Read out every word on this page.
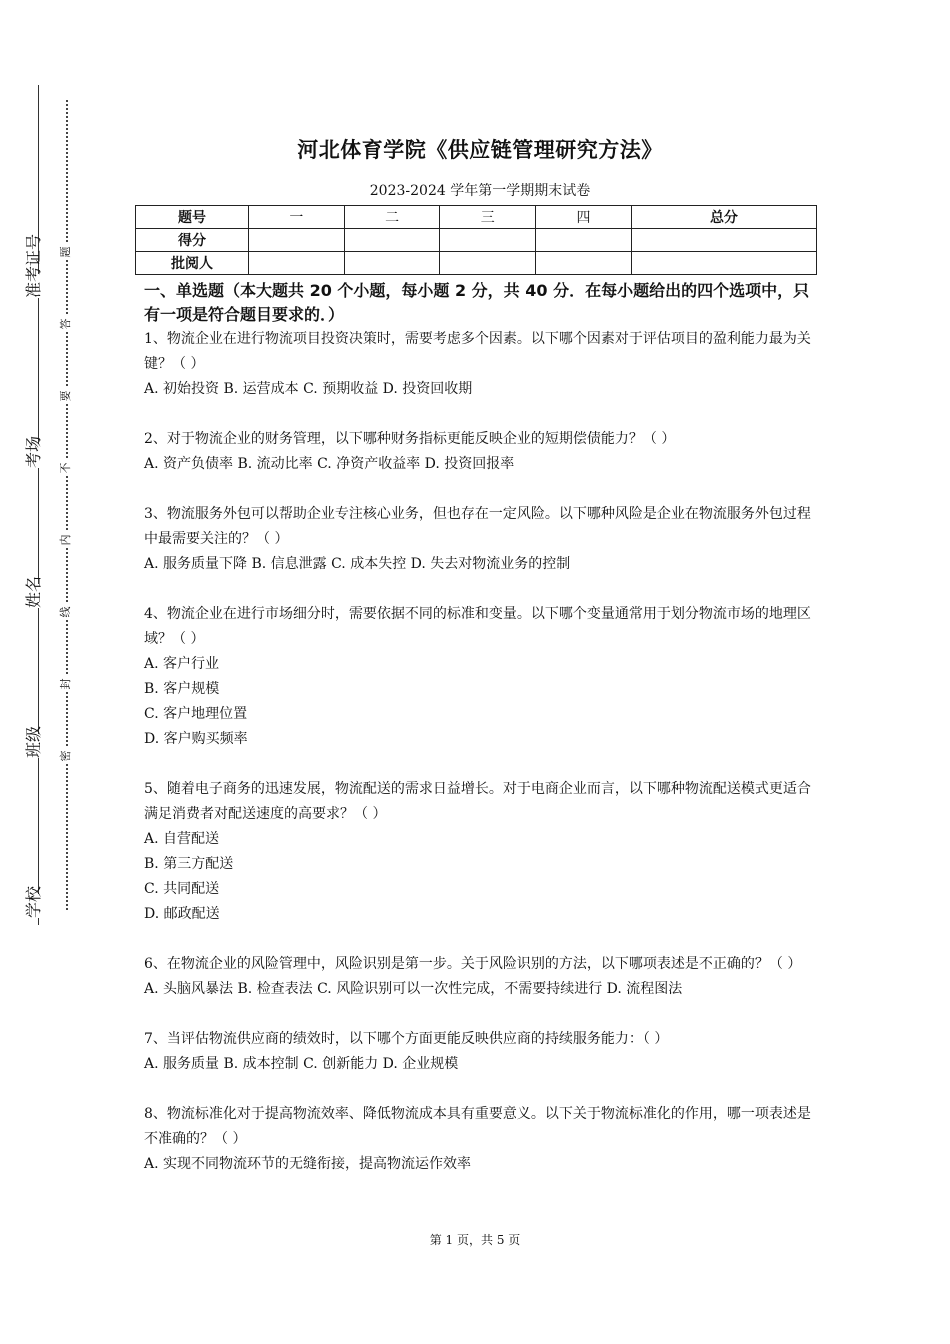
准考证号
考场
姓名
班级
学校
题
答
要
不
内
线
封
密
河北体育学院《供应链管理研究方法》
2023-2024 学年第一学期期末试卷
题号	一	二	三	四	总分
得分					
批阅人					
一、单选题（本大题共 20 个小题，每小题 2 分，共 40 分．在每小题给出的四个选项中，只有一项是符合题目要求的．）
1、物流企业在进行物流项目投资决策时，需要考虑多个因素。以下哪个因素对于评估项目的盈利能力最为关键？（ ）
A. 初始投资 B. 运营成本 C. 预期收益 D. 投资回收期
2、对于物流企业的财务管理，以下哪种财务指标更能反映企业的短期偿债能力？（ ）
A. 资产负债率 B. 流动比率 C. 净资产收益率 D. 投资回报率
3、物流服务外包可以帮助企业专注核心业务，但也存在一定风险。以下哪种风险是企业在物流服务外包过程中最需要关注的？（ ）
A. 服务质量下降 B. 信息泄露 C. 成本失控 D. 失去对物流业务的控制
4、物流企业在进行市场细分时，需要依据不同的标准和变量。以下哪个变量通常用于划分物流市场的地理区域？（ ）
A. 客户行业
B. 客户规模
C. 客户地理位置
D. 客户购买频率
5、随着电子商务的迅速发展，物流配送的需求日益增长。对于电商企业而言，以下哪种物流配送模式更适合满足消费者对配送速度的高要求？（ ）
A. 自营配送
B. 第三方配送
C. 共同配送
D. 邮政配送
6、在物流企业的风险管理中，风险识别是第一步。关于风险识别的方法，以下哪项表述是不正确的？（ ）
A. 头脑风暴法 B. 检查表法 C. 风险识别可以一次性完成，不需要持续进行 D. 流程图法
7、当评估物流供应商的绩效时，以下哪个方面更能反映供应商的持续服务能力：（ ）
A. 服务质量 B. 成本控制 C. 创新能力 D. 企业规模
8、物流标准化对于提高物流效率、降低物流成本具有重要意义。以下关于物流标准化的作用，哪一项表述是不准确的？（ ）
A. 实现不同物流环节的无缝衔接，提高物流运作效率
第 1 页，共 5 页
